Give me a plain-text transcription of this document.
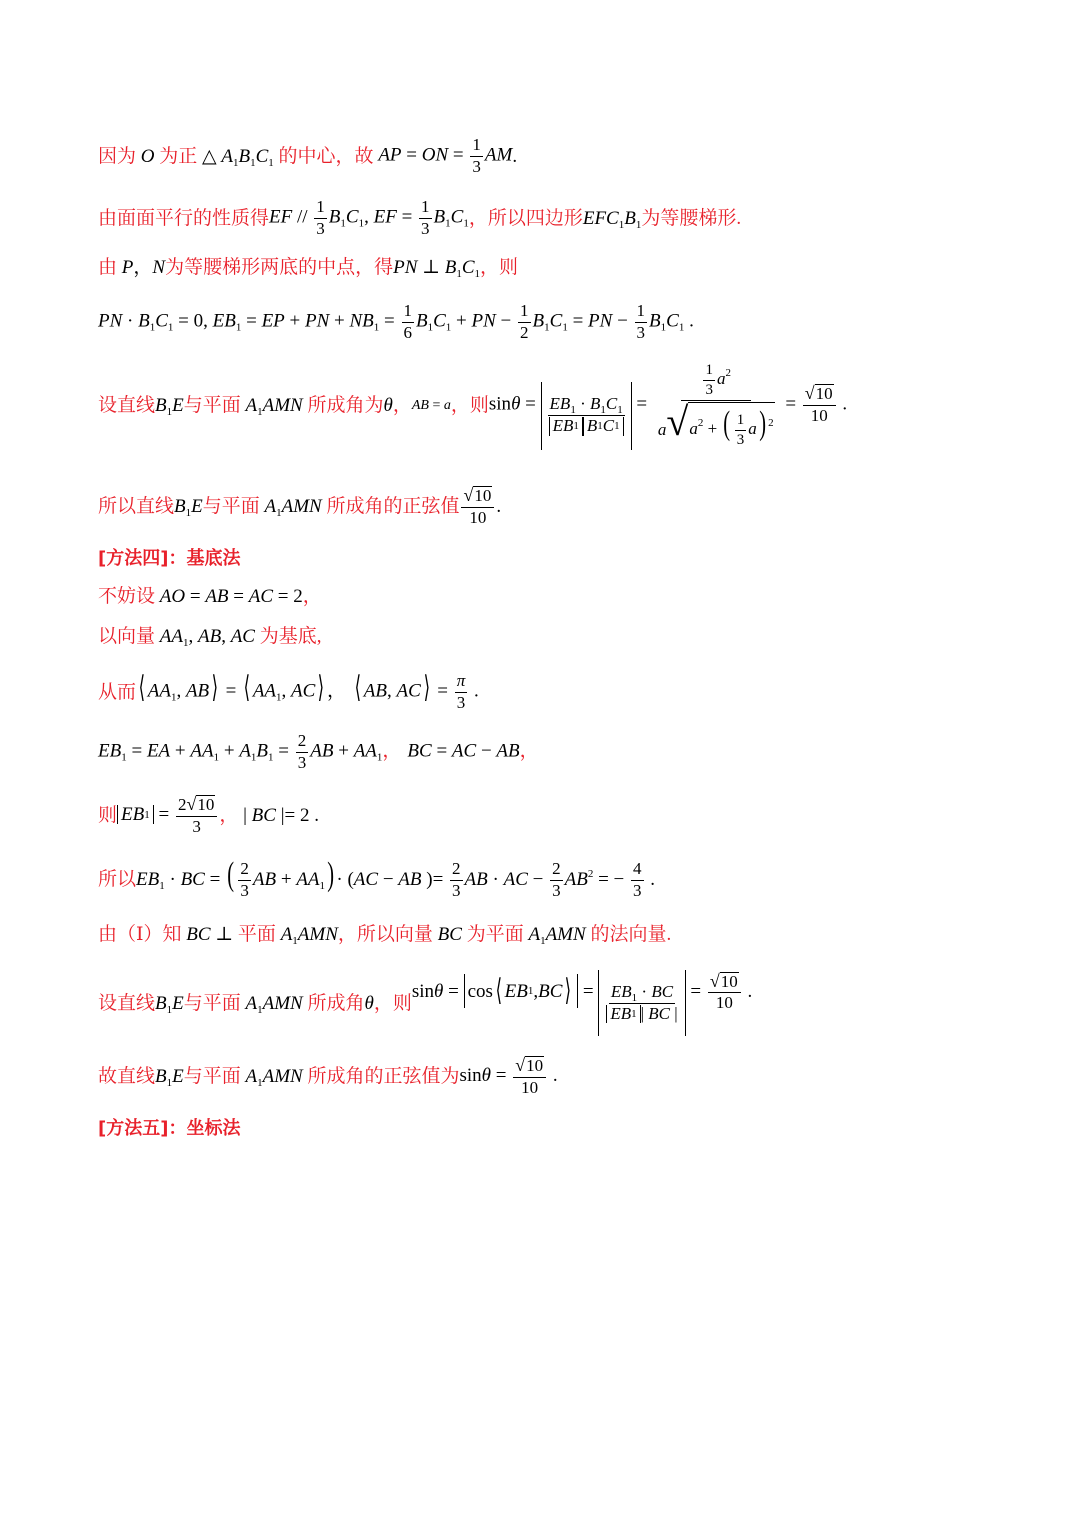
因为 O 为正 △ $A_1B_1C_1$ 的中心，故 AP = ON = $\frac{1}{3}$ AM .
由面面平行的性质得 EF // $\frac{1}{3} B_1C_1$, EF = $\frac{1}{3} B_1C_1$ ，所以四边形 $EFC_1B_1$ 为等腰梯形.
由 P，N 为等腰梯形两底的中点，得 PN ⊥ $B_1C_1$ ，则
PN · $B_1C_1 = 0$, $EB_1$ = EP + PN + $NB_1 = \frac{1}{6} B_1C_1$ + PN − $\frac{1}{2} B_1C_1$ = PN − $\frac{1}{3} B_1C_1$ .
设直线 $B_1E$ 与平面 $A_1AMN$ 所成角为 θ ， AB = a ，则 $\sin\theta = \frac{EB_1 \cdot B_1C_1}{EB 1 B 1 C 1} = \frac{\frac{1}{3} a^2}{a √ a^2 + ( \frac{1}{3} a) ^2} = \frac{√ 10}{10}$ .
所以直线 $B_1E$ 与平面 $A_1AMN$ 所成角的正弦值 $\frac{√ 10}{10}$ .
[方法四]：基底法
不妨设 AO = AB = AC = 2 ，
以向量 $AA_1$, AB, AC 为基底,
从而 ⟨ $AA_1$, AB⟩ = ⟨ $AA_1$, AC⟩ ， ⟨ AB, AC⟩ = $\frac{\pi}{3}$ .
$EB_1$ = EA + $AA_1 + A_1B_1 = \frac{2}{3}$ AB + $AA_1$， BC = AC − AB，
则 EB $1 = \frac{2 √ 10}{3}$ ， | BC |= 2 .
所以 $EB_1$ · BC = ( $\frac{2}{3}$ AB + $AA_1) \cdot (AC$ − AB )= $\frac{2}{3}$ AB · AC − $\frac{2}{3} AB^2$ = − $\frac{4}{3}$ .
由（Ⅰ）知 BC ⊥ 平面 $A_1AMN$ ，所以向量 BC 为平面 $A_1AMN$ 的法向量.
设直线 $B_1E$ 与平面 $A_1AMN$ 所成角 θ ，则
sinθ = cos ⟨ EB 1 , BC ⟩ = $\frac{EB_1 \cdot BC}{EB 1 | BC |} = \frac{√ 10}{10}$ .
故直线 $B_1E$ 与平面 $A_1AMN$ 所成角的正弦值为 $\sin\theta = \frac{√ 10}{10}$ .
[方法五]：坐标法
